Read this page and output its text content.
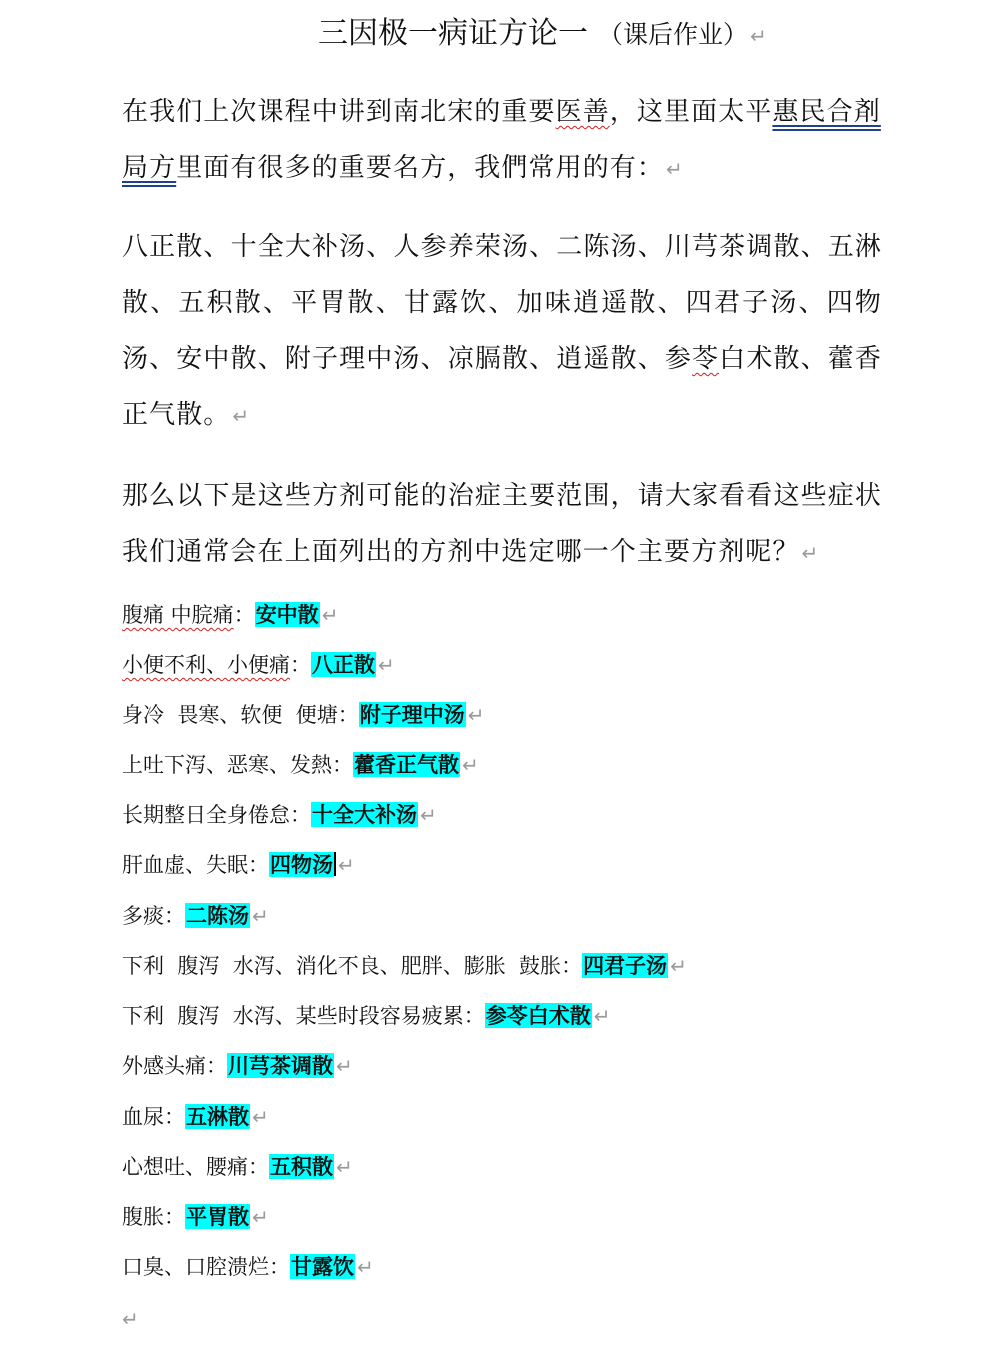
三因极一病证方论一 （课后作业） ↵
在我们上次课程中讲到南北宋的重要医善，这里面太平惠民合剤
局方里面有很多的重要名方，我們常用的有： ↵
八正散、十全大补汤、人参养荣汤、二陈汤、川芎茶调散、五淋散、五积散、平胃散、甘露饮、加味逍遥散、四君子汤、四物汤、安中散、附子理中汤、凉膈散、逍遥散、参苓白术散、藿香正气散。 ↵
那么以下是这些方剂可能的治症主要范围，请大家看看这些症状我们通常会在上面列出的方剂中选定哪一个主要方剂呢？ ↵
腹痛 中脘痛：安中散 ↵
小便不利、小便痛：八正散 ↵
身冷  畏寒、软便  便塘：附子理中汤 ↵
上吐下泻、恶寒、发熱：藿香正气散 ↵
长期整日全身倦怠：十全大补汤 ↵
肝血虚、失眠：四物汤 ↵
多痰：二陈汤 ↵
下利  腹泻  水泻、消化不良、肥胖、膨胀  鼓胀：四君子汤 ↵
下利  腹泻  水泻、某些时段容易疲累：参苓白术散 ↵
外感头痛：川芎茶调散 ↵
血尿：五淋散 ↵
心想吐、腰痛：五积散 ↵
腹胀：平胃散 ↵
口臭、口腔溃烂：甘露饮 ↵
↵
